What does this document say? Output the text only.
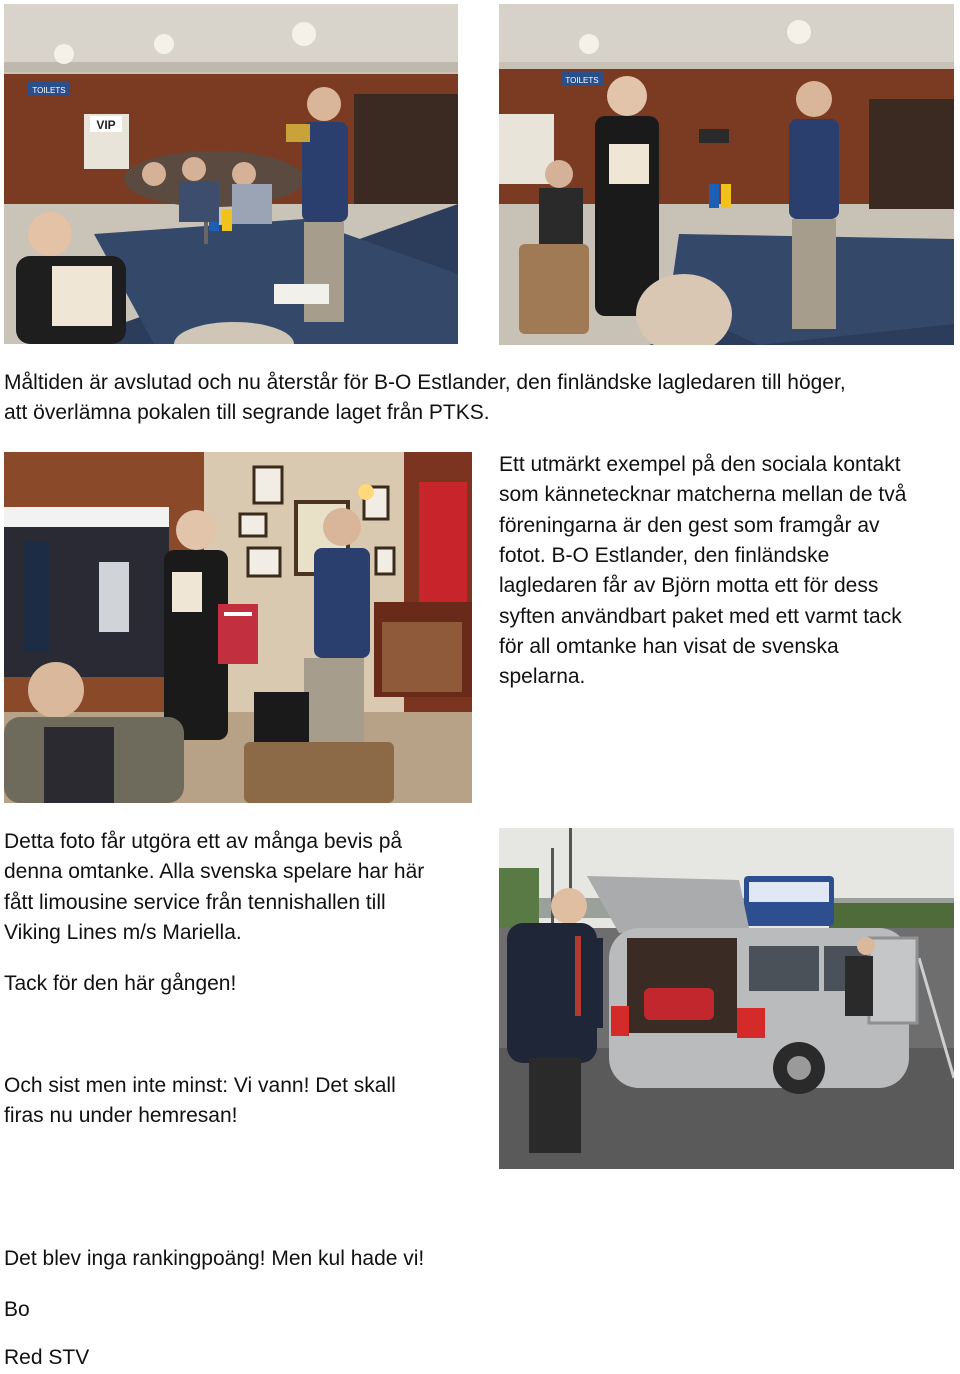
VIP
TOILETS
TOILETS

Måltiden är avslutad och nu återstår för B-O Estlander, den finländske lagledaren till höger,

att överlämna pokalen till segrande laget från PTKS.

Ett utmärkt exempel på den sociala kontakt

som kännetecknar matcherna mellan de två

föreningarna är den gest som framgår av

fotot. B-O Estlander, den finländske

lagledaren får av Björn motta ett för dess

syften användbart paket med ett varmt tack

för all omtanke han visat de svenska

spelarna.

Detta foto får utgöra ett av många bevis på

denna omtanke. Alla svenska spelare har här

fått limousine service från tennishallen till

Viking Lines m/s Mariella.

Tack för den här gången!

Och sist men inte minst: Vi vann! Det skall

firas nu under hemresan!

Det blev inga rankingpoäng! Men kul hade vi!

Bo

Red STV
